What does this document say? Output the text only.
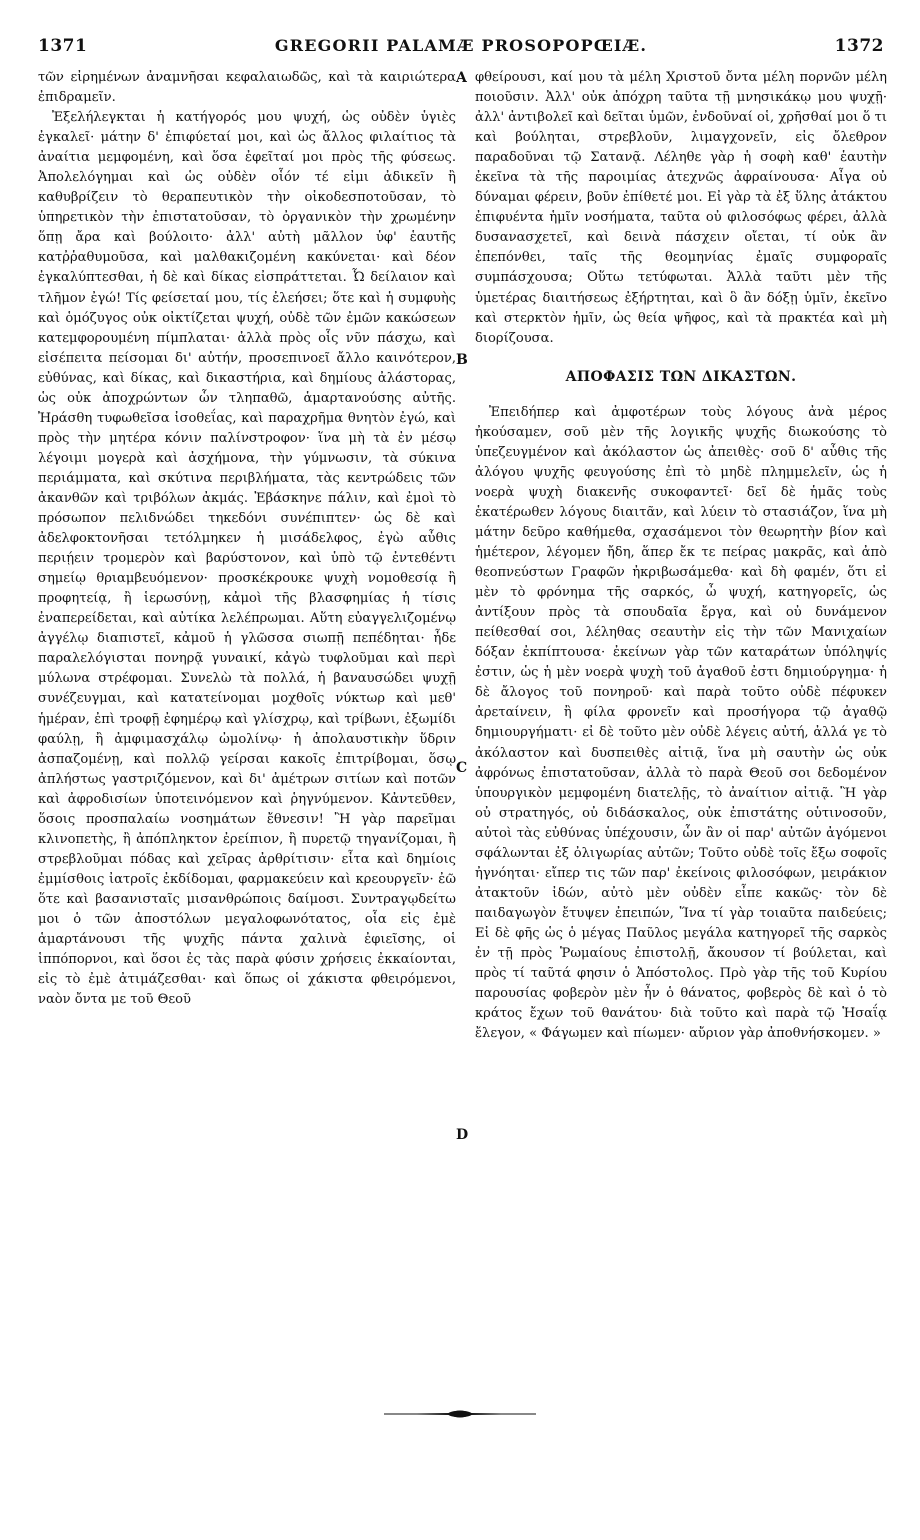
1371	GREGORII PALAMÆ PROSOPOPŒIÆ.	1372

τῶν εἰρημένων ἀναμνῆσαι κεφαλαιωδῶς, καὶ τὰ καιριώτερα ἐπιδραμεῖν.

Ἐξελήλεγκται ἡ κατήγορός μου ψυχή, ὡς οὐδὲν ὑγιὲς ἐγκαλεῖ· μάτην δ' ἐπιφύεταί μοι, καὶ ὡς ἄλλος φιλαίτιος τὰ ἀναίτια μεμφομένη, καὶ ὅσα ἐφεῖταί μοι πρὸς τῆς φύσεως. Ἀπολελόγημαι καὶ ὡς οὐδὲν οἷόν τέ εἰμι ἀδικεῖν ἢ καθυβρίζειν τὸ θεραπευτικὸν τὴν οἰκοδεσποτοῦσαν, τὸ ὑπηρετικὸν τὴν ἐπιστατοῦσαν, τὸ ὀργανικὸν τὴν χρωμένην ὅπῃ ἄρα καὶ βούλοιτο· ἀλλ' αὐτὴ μᾶλλον ὑφ' ἑαυτῆς κατῤῥαθυμοῦσα, καὶ μαλθακιζομένη κακύνεται· καὶ δέον ἐγκαλύπτεσθαι, ἡ δὲ καὶ δίκας εἰσπράττεται. Ὦ δείλαιον καὶ τλῆμον ἐγώ! Τίς φείσεταί μου, τίς ἐλεήσει; ὅτε καὶ ἡ συμφυὴς καὶ ὁμόζυγος οὐκ οἰκτίζεται ψυχή, οὐδὲ τῶν ἐμῶν κακώσεων κατεμφορουμένη πίμπλαται· ἀλλὰ πρὸς οἷς νῦν πάσχω, καὶ εἰσέπειτα πείσομαι δι' αὐτήν, προσεπινοεῖ ἄλλο καινότερον, εὐθύνας, καὶ δίκας, καὶ δικαστήρια, καὶ δημίους ἀλάστορας, ὡς οὐκ ἀποχρώντων ὧν τληπαθῶ, ἁμαρτανούσης αὐτῆς. Ἠράσθη τυφωθεῖσα ἰσοθεΐας, καὶ παραχρῆμα θνητὸν ἐγώ, καὶ πρὸς τὴν μητέρα κόνιν παλίνστροφον· ἵνα μὴ τὰ ἐν μέσῳ λέγοιμι μογερὰ καὶ ἀσχήμονα, τὴν γύμνωσιν, τὰ σύκινα περιάμματα, καὶ σκύτινα περιβλήματα, τὰς κεντρώδεις τῶν ἀκανθῶν καὶ τριβόλων ἀκμάς. Ἐβάσκηνε πάλιν, καὶ ἐμοὶ τὸ πρόσωπον πελιδνώδει τηκεδόνι συνέπιπτεν· ὡς δὲ καὶ ἀδελφοκτονῆσαι τετόλμηκεν ἡ μισάδελφος, ἐγὼ αὖθις περιῄειν τρομερὸν καὶ βαρύστονον, καὶ ὑπὸ τῷ ἐντεθέντι σημείῳ θριαμβευόμενον· προσκέκρουκε ψυχὴ νομοθεσίᾳ ἢ προφητείᾳ, ἢ ἱερωσύνῃ, κἀμοὶ τῆς βλασφημίας ἡ τίσις ἐναπερείδεται, καὶ αὐτίκα λελέπρωμαι. Αὕτη εὐαγγελιζομένῳ ἀγγέλῳ διαπιστεῖ, κἀμοῦ ἡ γλῶσσα σιωπῇ πεπέδηται· ἦδε παραλελόγισται πονηρᾷ γυναικί, κἀγὼ τυφλοῦμαι καὶ περὶ μύλωνα στρέφομαι. Συνελὼ τὰ πολλά, ἡ βαναυσώδει ψυχῇ συνέζευγμαι, καὶ κατατείνομαι μοχθοῖς νύκτωρ καὶ μεθ' ἡμέραν, ἐπὶ τροφῇ ἐφημέρῳ καὶ γλίσχρῳ, καὶ τρίβωνι, ἐξωμίδι φαύλῃ, ἢ ἀμφιμασχάλῳ ὠμολίνῳ· ἡ ἀπολαυστικὴν ὕδριν ἀσπαζομένῃ, καὶ πολλῷ γείρσαι κακοῖς ἐπιτρίβομαι, ὅσῳ ἀπλήστως γαστριζόμενον, καὶ δι' ἀμέτρων σιτίων καὶ ποτῶν καὶ ἀφροδισίων ὑποτεινόμενον καὶ ῥηγνύμενον. Κἀντεῦθεν, ὅσοις προσπαλαίω νοσημάτων ἔθνεσιν! Ἢ γὰρ παρεῖμαι κλινοπετὴς, ἢ ἀπόπληκτον ἐρείπιον, ἢ πυρετῷ τηγανίζομαι, ἢ στρεβλοῦμαι πόδας καὶ χεῖρας ἀρθρίτισιν· εἶτα καὶ δημίοις ἐμμίσθοις ἰατροῖς ἐκδίδομαι, φαρμακεύειν καὶ κρεουργεῖν· ἐῶ ὅτε καὶ βασανισταῖς μισανθρώποις δαίμοσι. Συντραγῳδείτω μοι ὁ τῶν ἀποστόλων μεγαλοφωνότατος, οἷα εἰς ἐμὲ ἁμαρτάνουσι τῆς ψυχῆς πάντα χαλινὰ ἐφιεῖσης, οἱ ἱππόπορνοι, καὶ ὅσοι ἐς τὰς παρὰ φύσιν χρήσεις ἐκκαίονται, εἰς τὸ ἐμὲ ἀτιμάζεσθαι· καὶ ὅπως οἱ χάκιστα φθειρόμενοι, ναὸν ὄντα με τοῦ Θεοῦ

A
B
C
D

φθείρουσι, καί μου τὰ μέλη Χριστοῦ ὄντα μέλη πορνῶν μέλη ποιοῦσιν. Ἀλλ' οὐκ ἀπόχρη ταῦτα τῇ μνησικάκῳ μου ψυχῇ· ἀλλ' ἀντιβολεῖ καὶ δεῖται ὑμῶν, ἐνδοῦναί οἱ, χρῆσθαί μοι ὅ τι καὶ βούληται, στρεβλοῦν, λιμαγχονεῖν, εἰς ὄλεθρον παραδοῦναι τῷ Σατανᾷ. Λέληθε γὰρ ἡ σοφὴ καθ' ἑαυτὴν ἐκεῖνα τὰ τῆς παροιμίας ἀτεχνῶς ἀφραίνουσα· Αἶγα οὐ δύναμαι φέρειν, βοῦν ἐπίθετέ μοι. Εἰ γὰρ τὰ ἐξ ὕλης ἀτάκτου ἐπιφυέντα ἡμῖν νοσήματα, ταῦτα οὐ φιλοσόφως φέρει, ἀλλὰ δυσανασχετεῖ, καὶ δεινὰ πάσχειν οἴεται, τί οὐκ ἂν ἐπεπόνθει, ταῖς τῆς θεομηνίας ἐμαῖς συμφοραῖς συμπάσχουσα; Οὕτω τετύφωται. Ἀλλὰ ταῦτι μὲν τῆς ὑμετέρας διαιτήσεως ἐξήρτηται, καὶ ὃ ἂν δόξῃ ὑμῖν, ἐκεῖνο καὶ στερκτὸν ἡμῖν, ὡς θεία ψῆφος, καὶ τὰ πρακτέα καὶ μὴ διορίζουσα.

ΑΠΟΦΑΣΙΣ ΤΩΝ ΔΙΚΑΣΤΩΝ.

Ἐπειδήπερ καὶ ἀμφοτέρων τοὺς λόγους ἀνὰ μέρος ἠκούσαμεν, σοῦ μὲν τῆς λογικῆς ψυχῆς διωκούσης τὸ ὑπεζευγμένον καὶ ἀκόλαστον ὡς ἀπειθὲς· σοῦ δ' αὖθις τῆς ἀλόγου ψυχῆς φευγούσης ἐπὶ τὸ μηδὲ πλημμελεῖν, ὡς ἡ νοερὰ ψυχὴ διακενῆς συκοφαντεῖ· δεῖ δὲ ἡμᾶς τοὺς ἑκατέρωθεν λόγους διαιτᾶν, καὶ λύειν τὸ στασιάζον, ἵνα μὴ μάτην δεῦρο καθήμεθα, σχασάμενοι τὸν θεωρητὴν βίον καὶ ἡμέτερον, λέγομεν ἤδη, ἅπερ ἔκ τε πείρας μακρᾶς, καὶ ἀπὸ θεοπνεύστων Γραφῶν ἠκριβωσάμεθα· καὶ δὴ φαμέν, ὅτι εἰ μὲν τὸ φρόνημα τῆς σαρκός, ὦ ψυχή, κατηγορεῖς, ὡς ἀντίξουν πρὸς τὰ σπουδαῖα ἔργα, καὶ οὐ δυνάμενον πείθεσθαί σοι, λέληθας σεαυτὴν εἰς τὴν τῶν Μανιχαίων δόξαν ἐκπίπτουσα· ἐκείνων γὰρ τῶν καταράτων ὑπόληψίς ἐστιν, ὡς ἡ μὲν νοερὰ ψυχὴ τοῦ ἀγαθοῦ ἐστι δημιούργημα· ἡ δὲ ἄλογος τοῦ πονηροῦ· καὶ παρὰ τοῦτο οὐδὲ πέφυκεν ἀρεταίνειν, ἢ φίλα φρονεῖν καὶ προσήγορα τῷ ἀγαθῷ δημιουργήματι· εἰ δὲ τοῦτο μὲν οὐδὲ λέγεις αὐτή, ἀλλά γε τὸ ἀκόλαστον καὶ δυσπειθὲς αἰτιᾷ, ἵνα μὴ σαυτὴν ὡς οὐκ ἀφρόνως ἐπιστατοῦσαν, ἀλλὰ τὸ παρὰ Θεοῦ σοι δεδομένον ὑπουργικὸν μεμφομένη διατελῇς, τὸ ἀναίτιον αἰτιᾷ. Ἢ γὰρ οὐ στρατηγός, οὐ διδάσκαλος, οὐκ ἐπιστάτης οὑτινοσοῦν, αὐτοὶ τὰς εὐθύνας ὑπέχουσιν, ὧν ἂν οἱ παρ' αὐτῶν ἀγόμενοι σφάλωνται ἐξ ὀλιγωρίας αὐτῶν; Τοῦτο οὐδὲ τοῖς ἔξω σοφοῖς ἠγνόηται· εἴπερ τις τῶν παρ' ἐκείνοις φιλοσόφων, μειράκιον ἀτακτοῦν ἰδών, αὐτὸ μὲν οὐδὲν εἶπε κακῶς· τὸν δὲ παιδαγωγὸν ἔτυψεν ἐπειπών, Ἵνα τί γὰρ τοιαῦτα παιδεύεις; Εἰ δὲ φῆς ὡς ὁ μέγας Παῦλος μεγάλα κατηγορεῖ τῆς σαρκὸς ἐν τῇ πρὸς Ῥωμαίους ἐπιστολῇ, ἄκουσον τί βούλεται, καὶ πρὸς τί ταῦτά φησιν ὁ Ἀπόστολος. Πρὸ γὰρ τῆς τοῦ Κυρίου παρουσίας φοβερὸν μὲν ἦν ὁ θάνατος, φοβερὸς δὲ καὶ ὁ τὸ κράτος ἔχων τοῦ θανάτου· διὰ τοῦτο καὶ παρὰ τῷ Ἡσαΐᾳ ἔλεγον, « Φάγωμεν καὶ πίωμεν· αὔριον γὰρ ἀποθνήσκομεν. »
